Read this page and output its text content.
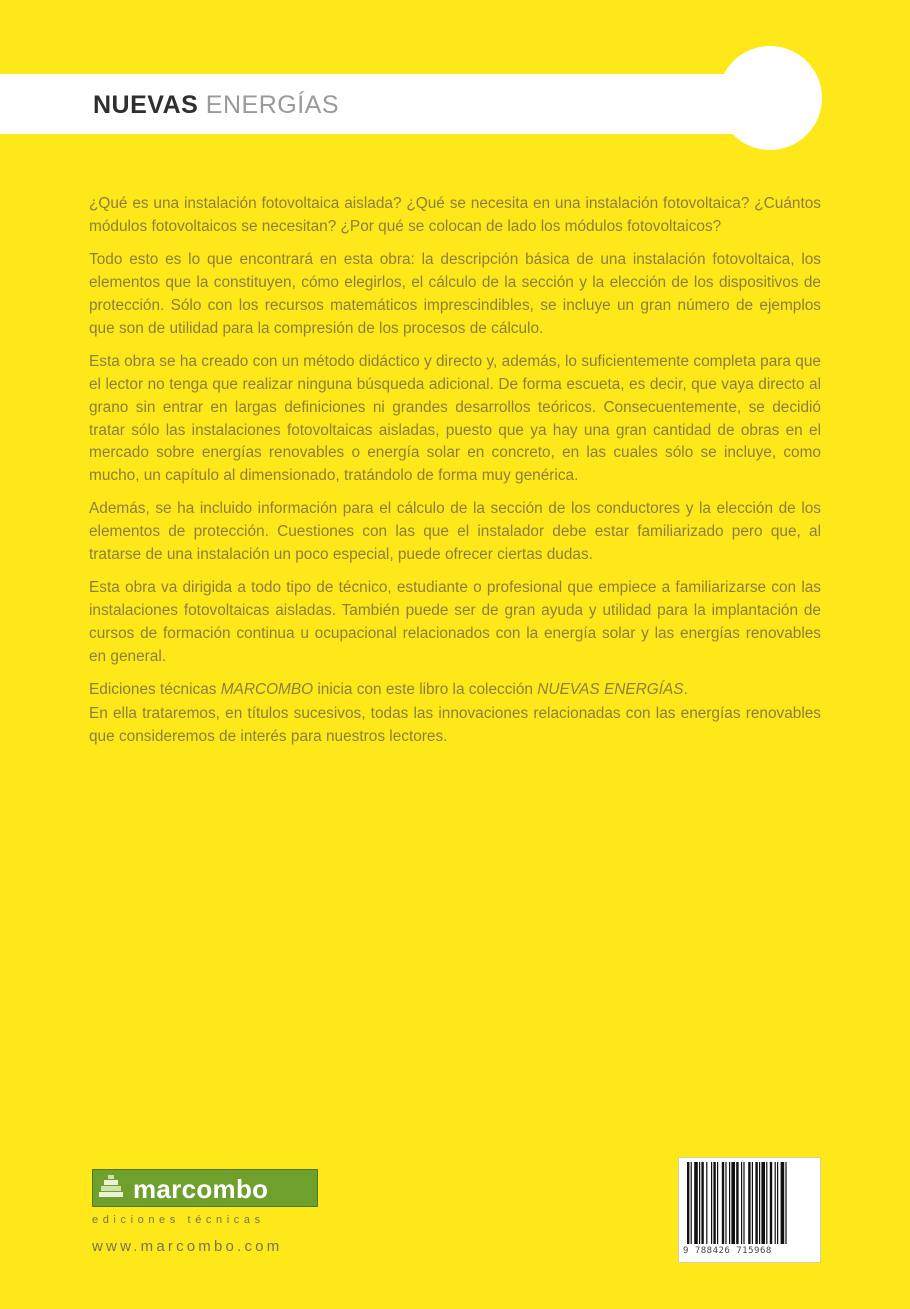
NUEVAS ENERGÍAS

¿Qué es una instalación fotovoltaica aislada? ¿Qué se necesita en una instalación fotovoltaica? ¿Cuántos módulos fotovoltaicos se necesitan? ¿Por qué se colocan de lado los módulos fotovoltaicos?

Todo esto es lo que encontrará en esta obra: la descripción básica de una instalación fotovoltaica, los elementos que la constituyen, cómo elegirlos, el cálculo de la sección y la elección de los dispositivos de protección. Sólo con los recursos matemáticos imprescindibles, se incluye un gran número de ejemplos que son de utilidad para la compresión de los procesos de cálculo.

Esta obra se ha creado con un método didáctico y directo y, además, lo suficientemente completa para que el lector no tenga que realizar ninguna búsqueda adicional. De forma escueta, es decir, que vaya directo al grano sin entrar en largas definiciones ni grandes desarrollos teóricos. Consecuentemente, se decidió tratar sólo las instalaciones fotovoltaicas aisladas, puesto que ya hay una gran cantidad de obras en el mercado sobre energías renovables o energía solar en concreto, en las cuales sólo se incluye, como mucho, un capítulo al dimensionado, tratándolo de forma muy genérica.

Además, se ha incluido información para el cálculo de la sección de los conductores y la elección de los elementos de protección. Cuestiones con las que el instalador debe estar familiarizado pero que, al tratarse de una instalación un poco especial, puede ofrecer ciertas dudas.

Esta obra va dirigida a todo tipo de técnico, estudiante o profesional que empiece a familiarizarse con las instalaciones fotovoltaicas aisladas. También puede ser de gran ayuda y utilidad para la implantación de cursos de formación continua u ocupacional relacionados con la energía solar y las energías renovables en general.

Ediciones técnicas MARCOMBO inicia con este libro la colección NUEVAS ENERGÍAS.

En ella trataremos, en títulos sucesivos, todas las innovaciones relacionadas con las energías renovables que consideremos de interés para nuestros lectores.

marcombo
ediciones técnicas
www.marcombo.com	9 788426 715968
